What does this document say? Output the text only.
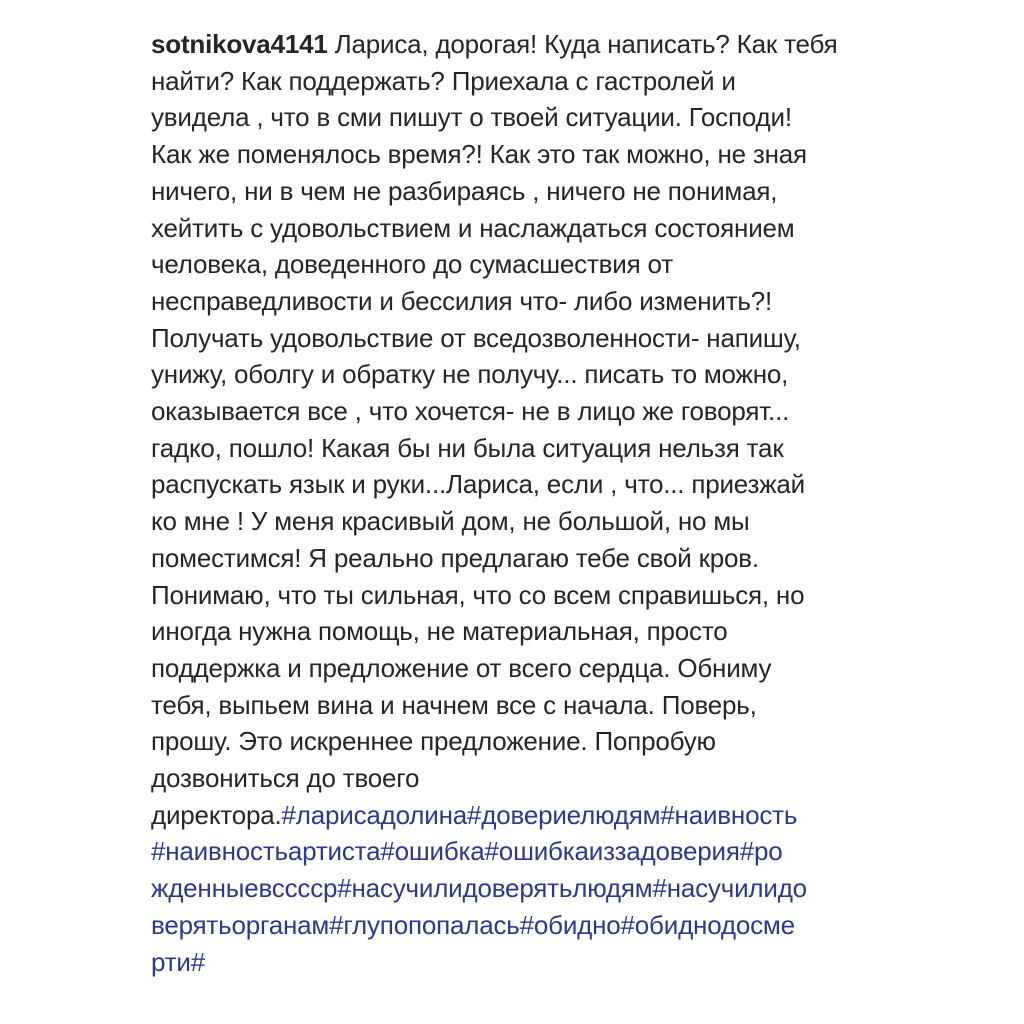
sotnikova4141 Лариса, дорогая! Куда написать? Как тебя
найти? Как поддержать? Приехала с гастролей и
увидела , что в сми пишут о твоей ситуации. Господи!
Как же поменялось время?! Как это так можно, не зная
ничего, ни в чем не разбираясь , ничего не понимая,
хейтить с удовольствием и наслаждаться состоянием
человека, доведенного до сумасшествия от
несправедливости и бессилия что- либо изменить?!
Получать удовольствие от вседозволенности- напишу,
унижу, оболгу и обратку не получу... писать то можно,
оказывается все , что хочется- не в лицо же говорят...
гадко, пошло! Какая бы ни была ситуация нельзя так
распускать язык и руки...Лариса, если , что... приезжай
ко мне ! У меня красивый дом, не большой, но мы
поместимся! Я реально предлагаю тебе свой кров.
Понимаю, что ты сильная, что со всем справишься, но
иногда нужна помощь, не материальная, просто
поддержка и предложение от всего сердца. Обниму
тебя, выпьем вина и начнем все с начала. Поверь,
прошу. Это искреннее предложение. Попробую
дозвониться до твоего
директора.#ларисадолина#довериелюдям#наивность
#наивностьартиста#ошибка#ошибкаиззадоверия#ро
жденныевсссср#насучилидоверятьлюдям#насучилидо
верятьорганам#глупопопалась#обидно#обиднодосме
рти#
